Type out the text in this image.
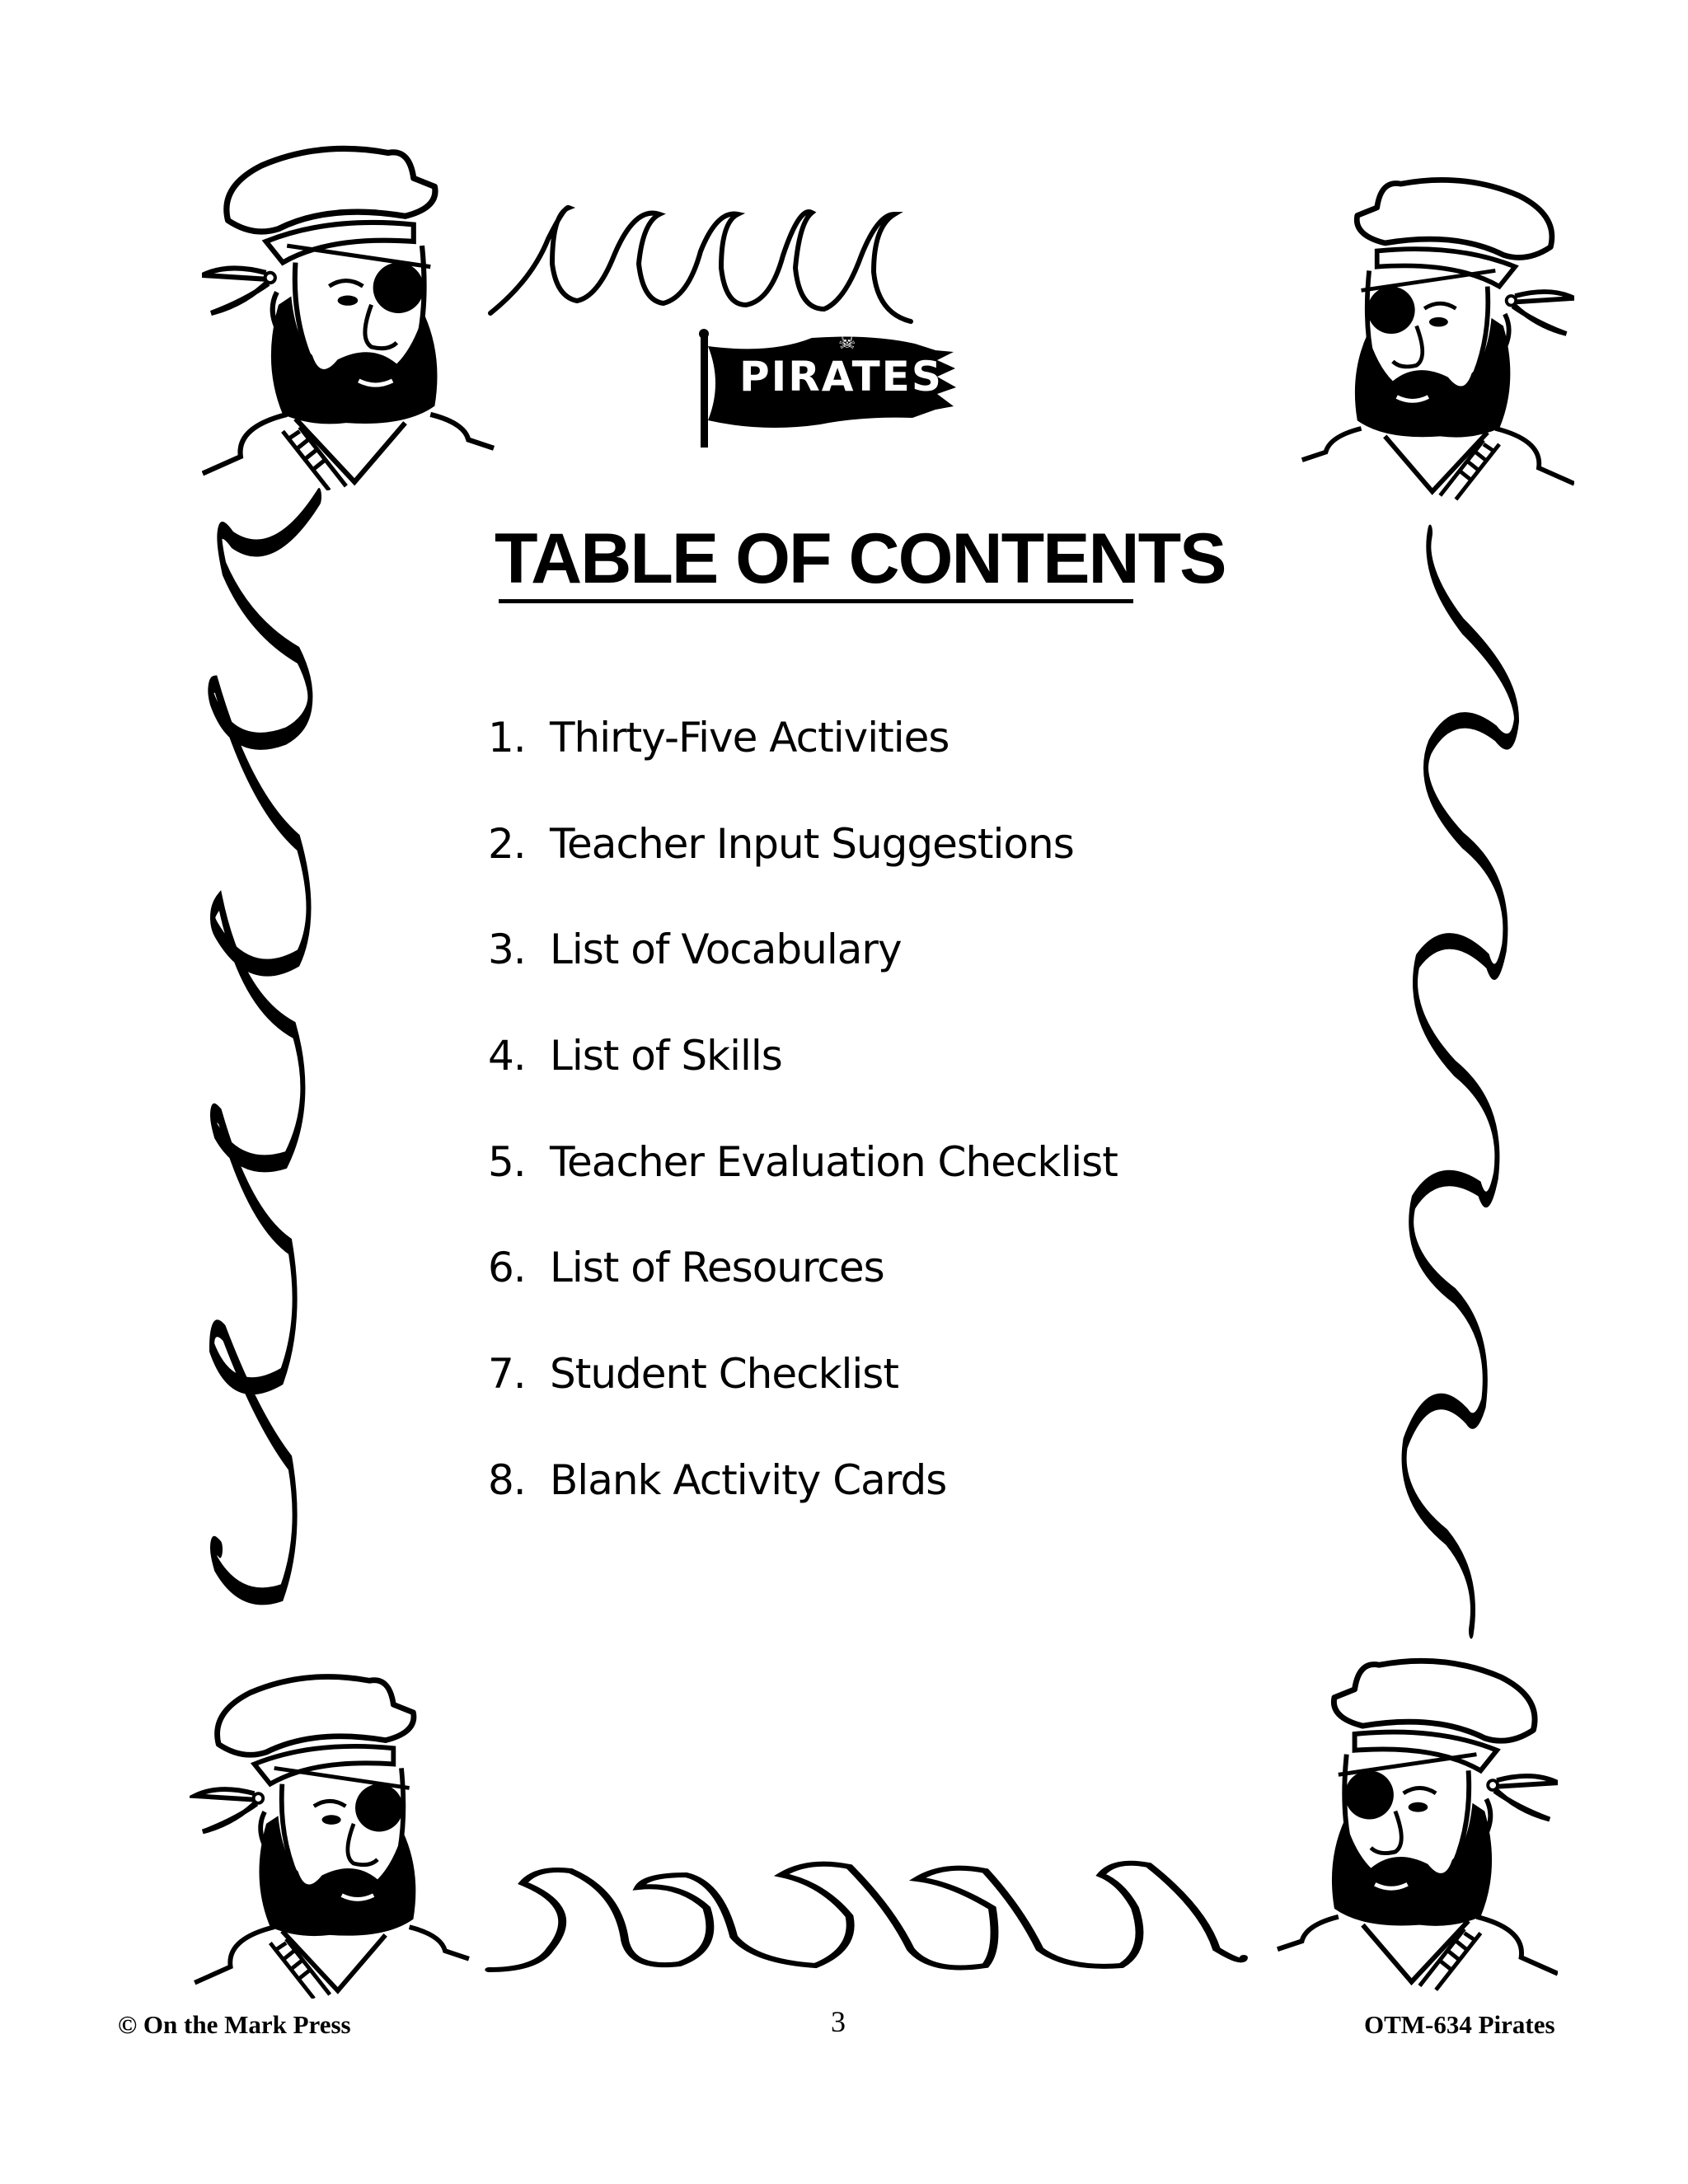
☠
PIRATES
TABLE OF CONTENTS
1. Thirty-Five Activities
2. Teacher Input Suggestions
3. List of Vocabulary
4. List of Skills
5. Teacher Evaluation Checklist
6. List of Resources
7. Student Checklist
8. Blank Activity Cards
© On the Mark Press	3	OTM-634 Pirates
